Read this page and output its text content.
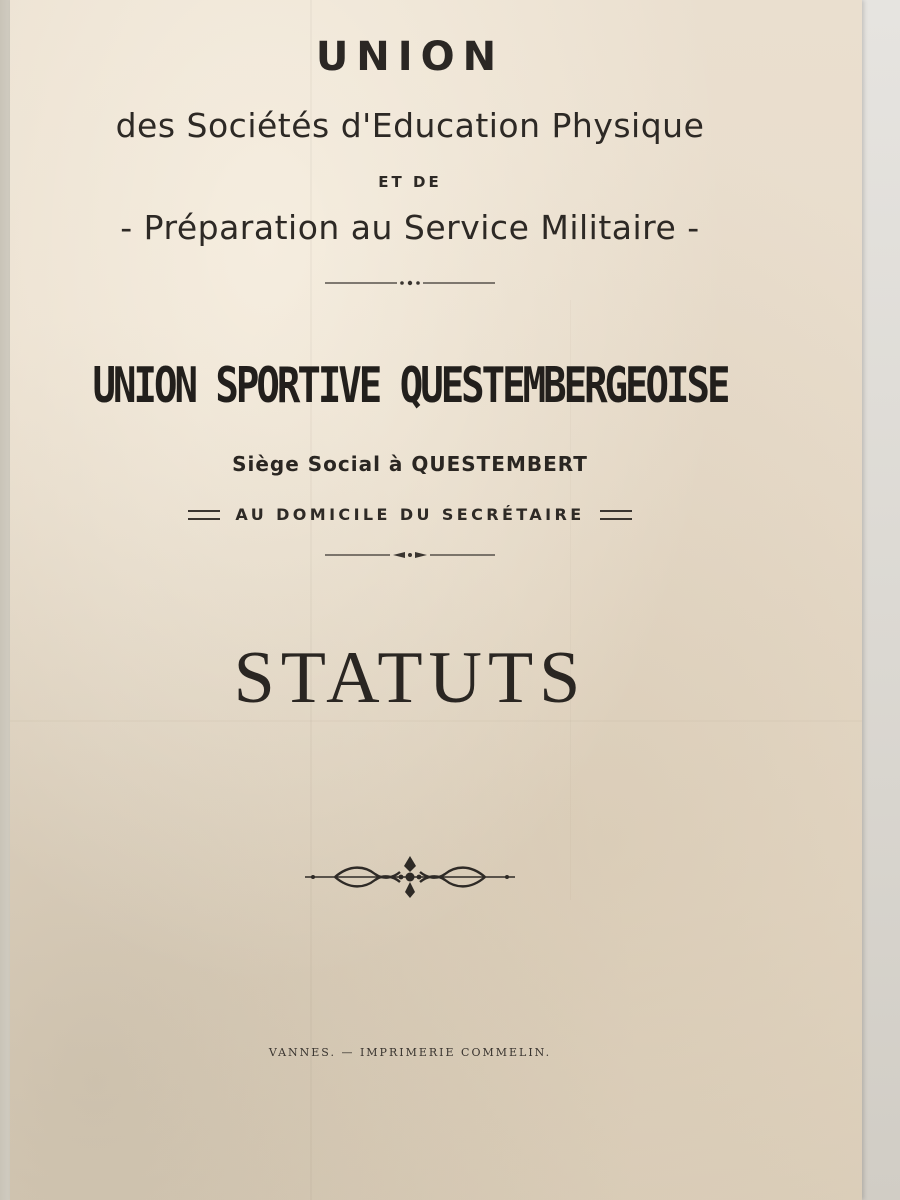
UNION
des Sociétés d'Education Physique
ET DE
- Préparation au Service Militaire -
UNION SPORTIVE QUESTEMBERGEOISE
Siège Social à QUESTEMBERT
AU DOMICILE DU SECRÉTAIRE
STATUTS
VANNES. — IMPRIMERIE COMMELIN.
